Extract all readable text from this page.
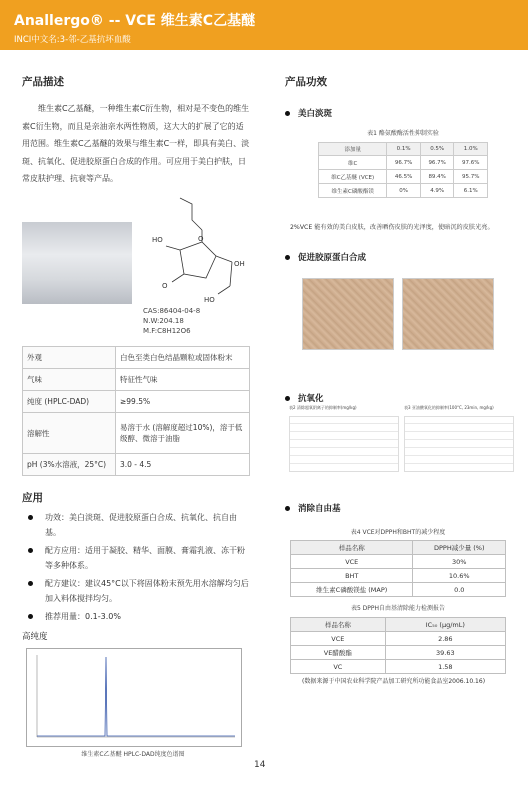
Anallergo® -- VCE 维生素C乙基醚
INCI中文名:3-邻-乙基抗坏血酸
产品描述
维生素C乙基醚，一种维生素C衍生物，相对是不变色的维生素C衍生物，而且是亲油亲水两性物质，这大大的扩展了它的适用范围。维生素C乙基醚的效果与维生素C一样，即具有美白、淡斑、抗氧化、促进胶原蛋白合成的作用。可应用于美白护肤，日常皮肤护理、抗衰等产品。
HO	O
O
OH
HO
CAS:86404-04-8
N.W:204.18
M.F:C8H12O6
外观	白色至类白色结晶颗粒或固体粉末
气味	特征性气味
纯度 (HPLC-DAD)	≥99.5%
溶解性	易溶于水 (溶解度超过10%)，溶于低级醇、微溶于油脂
pH (3%水溶液，25°C)	3.0 - 4.5
应用
功效：美白淡斑、促进胶原蛋白合成、抗氧化、抗自由基。
配方应用：适用于凝胶、精华、面膜、膏霜乳液、冻干粉等多种体系。
配方建议：建议45°C以下将固体粉末预先用水溶解均匀后加入料体搅拌均匀。
推荐用量：0.1-3.0%
高纯度
维生素C乙基醚 HPLC-DAD纯度色谱图
产品功效
美白淡斑
表1 酪氨酸酶活性抑制实验
添加量	0.1%	0.5%	1.0%
维C	96.7%	96.7%	97.6%
维C乙基醚 (VCE)	46.5%	89.4%	95.7%
维生素C磷酸酯镁	0%	4.9%	6.1%
2%VCE 能有效的美白皮肤，改善晒伤皮肤的光泽度，使暗沉的皮肤光亮。
促进胶原蛋白合成
抗氧化
表2 清除超氧阴离子的抑制率(mg/kg)	表3 亚油酸氧化的抑制率(100°C, 23min, mg/kg)
消除自由基
表4 VCE对DPPH和BHT的减少程度
样品名称	DPPH减少量 (%)
VCE	30%
BHT	10.6%
维生素C磷酸镁盐 (MAP)	0.0
表5 DPPH自由基清除能力检测报告
样品名称	IC₅₀ (μg/mL)
VCE	2.86
VE醋酸酯	39.63
VC	1.58
(数据来源于中国农业科学院产品加工研究所功能食品室2006.10.16)
14
